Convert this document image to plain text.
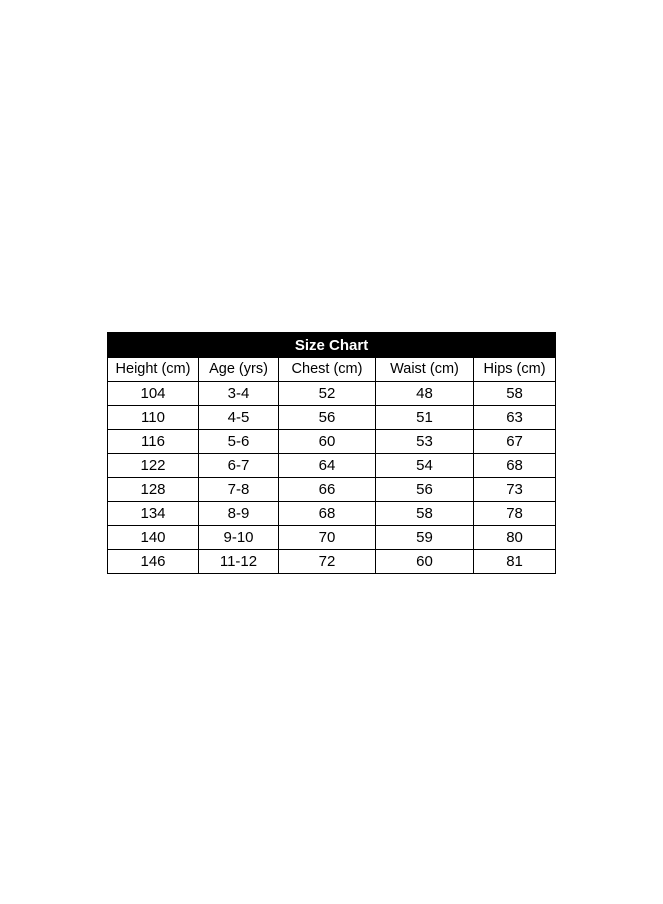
Size Chart				
Height (cm)	Age (yrs)	Chest (cm)	Waist (cm)	Hips (cm)
104	3-4	52	48	58
110	4-5	56	51	63
116	5-6	60	53	67
122	6-7	64	54	68
128	7-8	66	56	73
134	8-9	68	58	78
140	9-10	70	59	80
146	11-12	72	60	81
